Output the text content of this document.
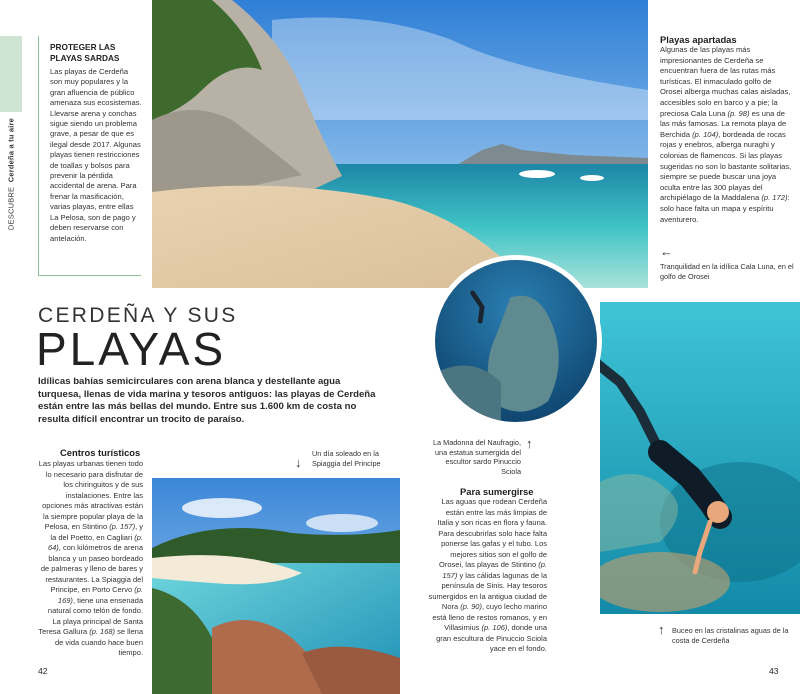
DESCUBRE  Cerdeña a tu aire
PROTEGER LAS PLAYAS SARDAS
Las playas de Cerdeña son muy populares y la gran afluencia de público amenaza sus ecosistemas. Llevarse arena y conchas sigue siendo un problema grave, a pesar de que es ilegal desde 2017. Algunas playas tienen restricciones de toallas y bolsos para prevenir la pérdida accidental de arena. Para frenar la masificación, varias playas, entre ellas La Pelosa, son de pago y deben reservarse con antelación.
Playas apartadas
Algunas de las playas más impresionantes de Cerdeña se encuentran fuera de las rutas más turísticas. El inmaculado golfo de Orosei alberga muchas calas aisladas, accesibles solo en barco y a pie; la preciosa Cala Luna (p. 98) es una de las más famosas. La remota playa de Berchida (p. 104), bordeada de rocas rojas y enebros, alberga nuraghi y colonias de flamencos. Si las playas sugeridas no son lo bastante solitarias, siempre se puede buscar una joya oculta entre las 300 playas del archipiélago de la Maddalena (p. 172): solo hace falta un mapa y espíritu aventurero.
←
Tranquilidad en la idílica Cala Luna, en el golfo de Orosei
CERDEÑA Y SUS
PLAYAS
Idílicas bahías semicirculares con arena blanca y destellante agua turquesa, llenas de vida marina y tesoros antiguos: las playas de Cerdeña están entre las más bellas del mundo. Entre sus 1.600 km de costa no resulta difícil encontrar un trocito de paraíso.
Centros turísticos
Las playas urbanas tienen todo lo necesario para disfrutar de los chiringuitos y de sus instalaciones. Entre las opciones más atractivas están la siempre popular playa de la Pelosa, en Stintino (p. 157), y la del Poetto, en Cagliari (p. 64), con kilómetros de arena blanca y un paseo bordeado de palmeras y lleno de bares y restaurantes. La Spiaggia del Principe, en Porto Cervo (p. 169), tiene una ensenada natural como telón de fondo. La playa principal de Santa Teresa Gallura (p. 168) se llena de vida cuando hace buen tiempo.
↓
Un día soleado en la Spiaggia del Principe
La Madonna del Naufragio, una estatua sumergida del escultor sardo Pinuccio Sciola
↑
Para sumergirse
Las aguas que rodean Cerdeña están entre las más limpias de Italia y son ricas en flora y fauna. Para descubrirlas solo hace falta ponerse las gafas y el tubo. Los mejores sitios son el golfo de Orosei, las playas de Stintino (p. 157) y las cálidas lagunas de la península de Sinis. Hay tesoros sumergidos en la antigua ciudad de Nora (p. 90), cuyo lecho marino está lleno de restos romanos, y en Villasimius (p. 106), donde una gran escultura de Pinuccio Sciola yace en el fondo.
↑ Buceo en las cristalinas aguas de la costa de Cerdeña
42	43
